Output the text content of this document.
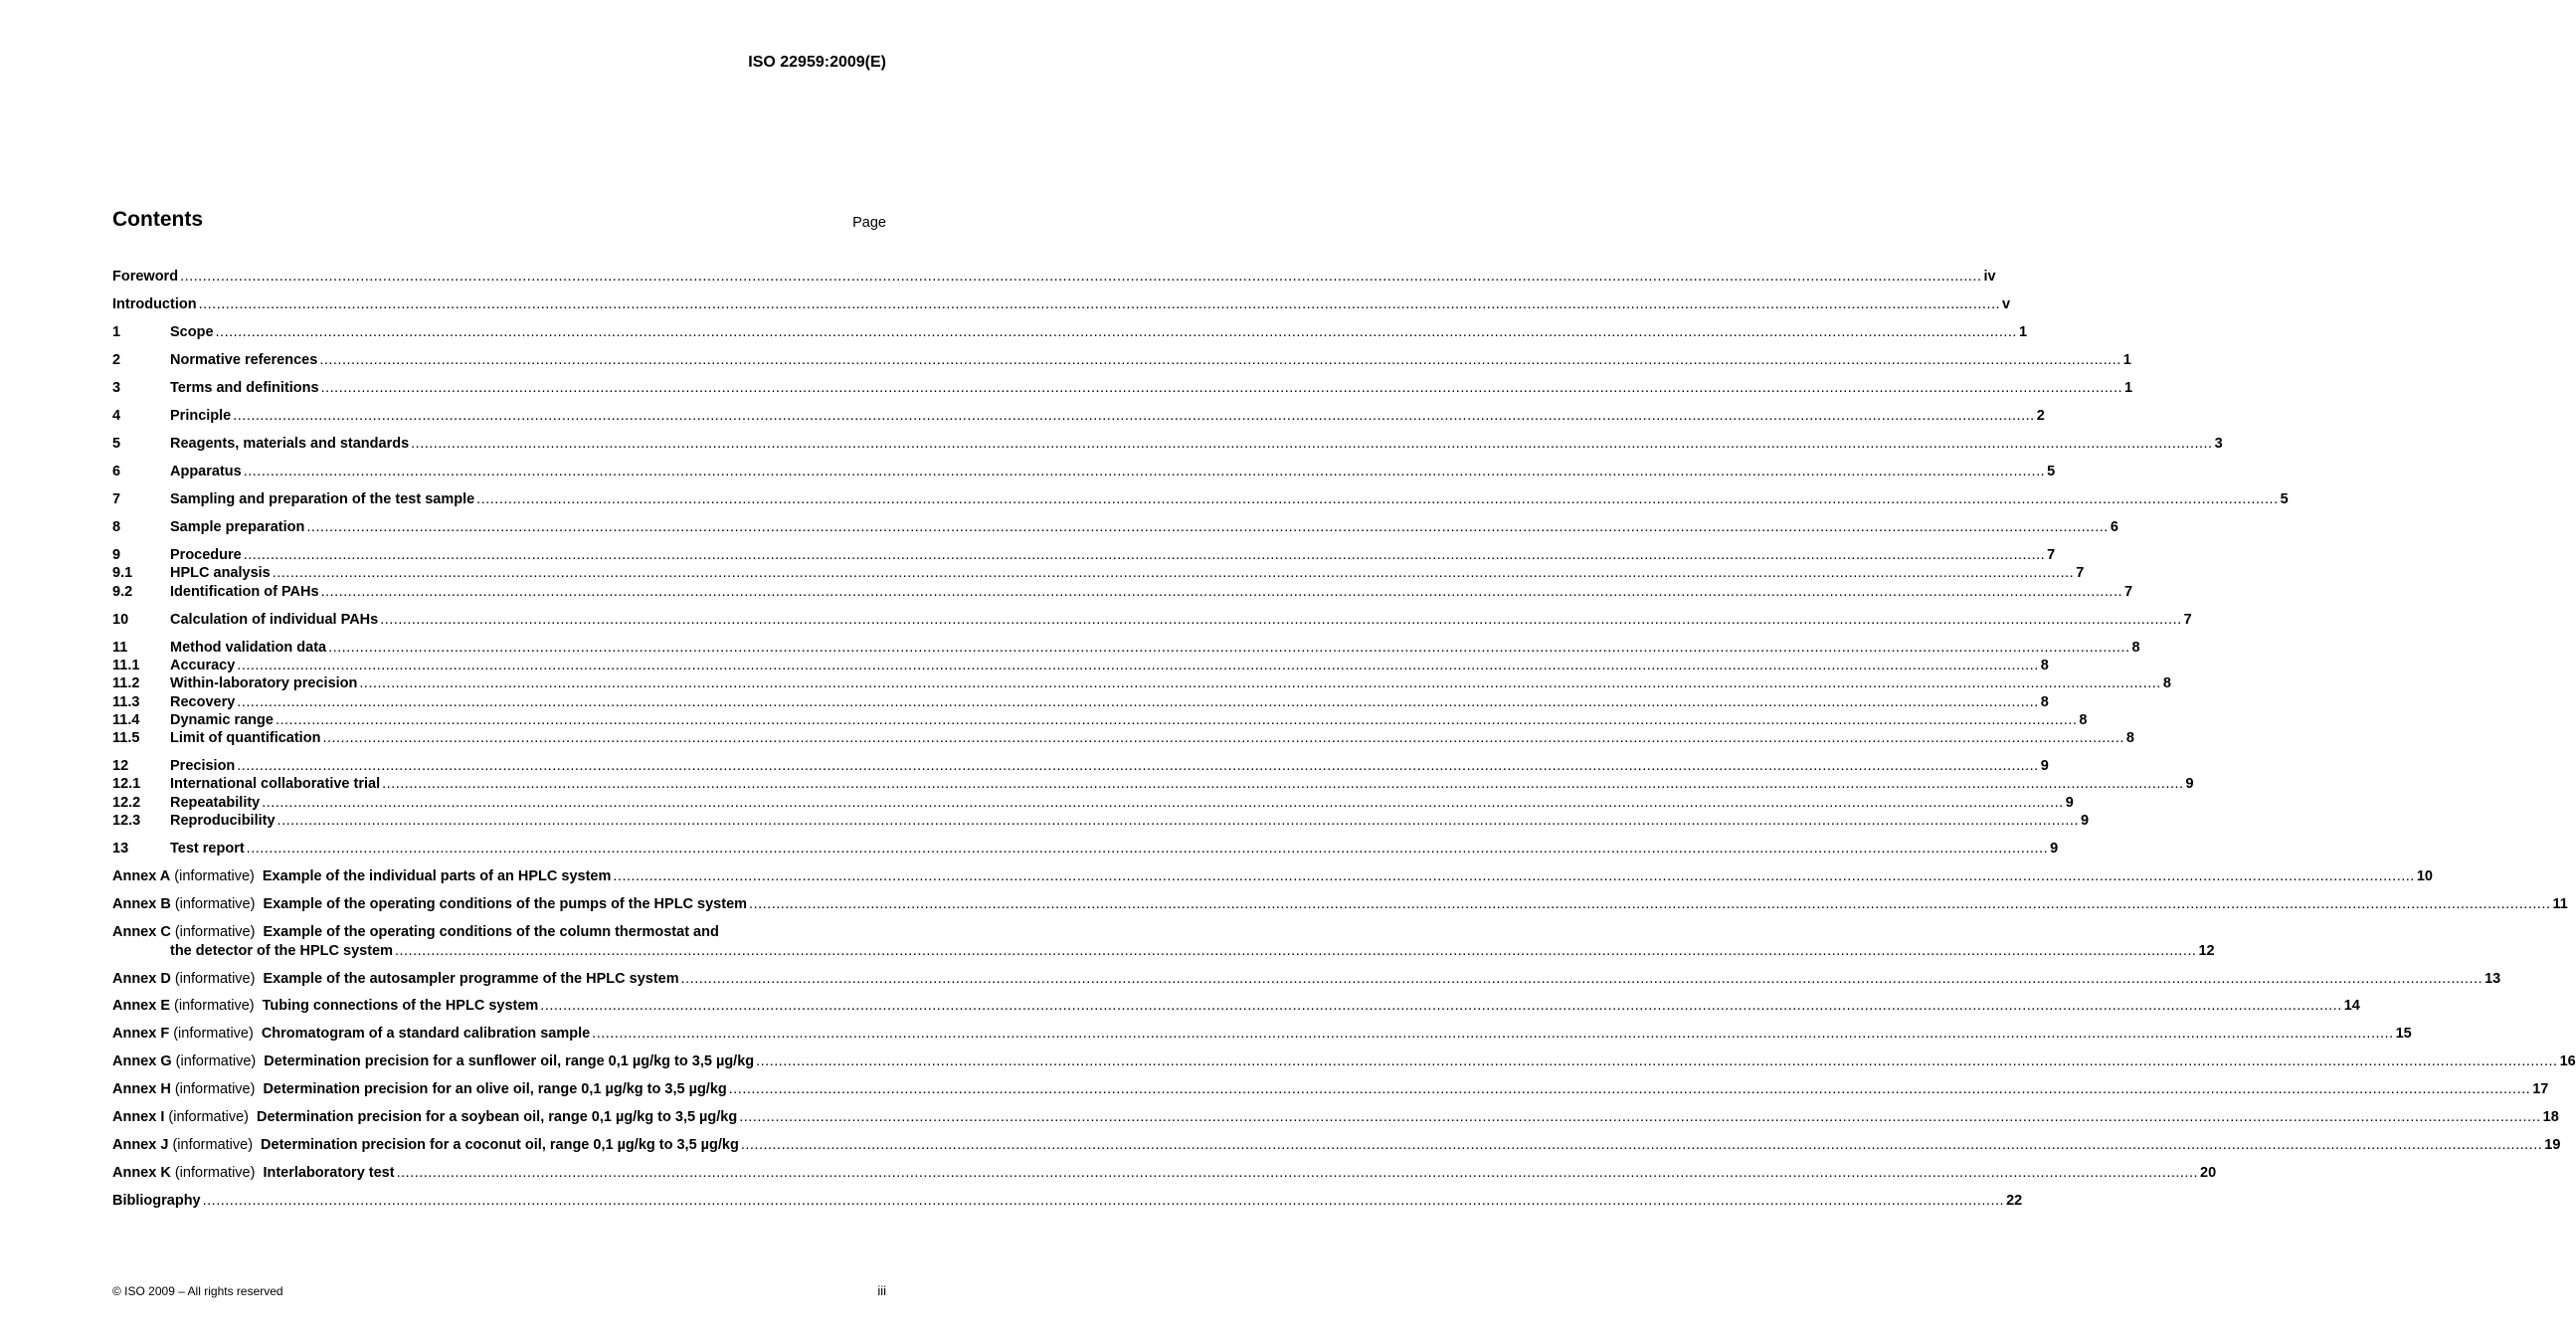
ISO 22959:2009(E)
Contents	Page
Foreword ................................................................................................................................................................................................................................................................................................................................................................................................................ iv
Introduction ................................................................................................................................................................................................................................................................................................................................................................................................................ v
1	Scope ................................................................................................................................................................................................................................................................................................................................................................................................................ 1
2	Normative references ................................................................................................................................................................................................................................................................................................................................................................................................................ 1
3	Terms and definitions ................................................................................................................................................................................................................................................................................................................................................................................................................ 1
4	Principle ................................................................................................................................................................................................................................................................................................................................................................................................................ 2
5	Reagents, materials and standards ................................................................................................................................................................................................................................................................................................................................................................................................................ 3
6	Apparatus ................................................................................................................................................................................................................................................................................................................................................................................................................ 5
7	Sampling and preparation of the test sample ................................................................................................................................................................................................................................................................................................................................................................................................................ 5
8	Sample preparation ................................................................................................................................................................................................................................................................................................................................................................................................................ 6
9	Procedure ................................................................................................................................................................................................................................................................................................................................................................................................................ 7
9.1	HPLC analysis ................................................................................................................................................................................................................................................................................................................................................................................................................ 7
9.2	Identification of PAHs ................................................................................................................................................................................................................................................................................................................................................................................................................ 7
10	Calculation of individual PAHs ................................................................................................................................................................................................................................................................................................................................................................................................................ 7
11	Method validation data ................................................................................................................................................................................................................................................................................................................................................................................................................ 8
11.1	Accuracy ................................................................................................................................................................................................................................................................................................................................................................................................................ 8
11.2	Within-laboratory precision ................................................................................................................................................................................................................................................................................................................................................................................................................ 8
11.3	Recovery ................................................................................................................................................................................................................................................................................................................................................................................................................ 8
11.4	Dynamic range ................................................................................................................................................................................................................................................................................................................................................................................................................ 8
11.5	Limit of quantification ................................................................................................................................................................................................................................................................................................................................................................................................................ 8
12	Precision ................................................................................................................................................................................................................................................................................................................................................................................................................ 9
12.1	International collaborative trial ................................................................................................................................................................................................................................................................................................................................................................................................................ 9
12.2	Repeatability ................................................................................................................................................................................................................................................................................................................................................................................................................ 9
12.3	Reproducibility ................................................................................................................................................................................................................................................................................................................................................................................................................ 9
13	Test report ................................................................................................................................................................................................................................................................................................................................................................................................................ 9
Annex A (informative) Example of the individual parts of an HPLC system ................................................................................................................................................................................................................................................................................................................................................................................................................ 10
Annex B (informative) Example of the operating conditions of the pumps of the HPLC system ................................................................................................................................................................................................................................................................................................................................................................................................................ 11
Annex C (informative) Example of the operating conditions of the column thermostat and
the detector of the HPLC system ................................................................................................................................................................................................................................................................................................................................................................................................................ 12
Annex D (informative) Example of the autosampler programme of the HPLC system ................................................................................................................................................................................................................................................................................................................................................................................................................ 13
Annex E (informative) Tubing connections of the HPLC system ................................................................................................................................................................................................................................................................................................................................................................................................................ 14
Annex F (informative) Chromatogram of a standard calibration sample ................................................................................................................................................................................................................................................................................................................................................................................................................ 15
Annex G (informative) Determination precision for a sunflower oil, range 0,1 µg/kg to 3,5 µg/kg ................................................................................................................................................................................................................................................................................................................................................................................................................ 16
Annex H (informative) Determination precision for an olive oil, range 0,1 µg/kg to 3,5 µg/kg ................................................................................................................................................................................................................................................................................................................................................................................................................ 17
Annex I (informative) Determination precision for a soybean oil, range 0,1 µg/kg to 3,5 µg/kg ................................................................................................................................................................................................................................................................................................................................................................................................................ 18
Annex J (informative) Determination precision for a coconut oil, range 0,1 µg/kg to 3,5 µg/kg ................................................................................................................................................................................................................................................................................................................................................................................................................ 19
Annex K (informative) Interlaboratory test ................................................................................................................................................................................................................................................................................................................................................................................................................ 20
Bibliography ................................................................................................................................................................................................................................................................................................................................................................................................................ 22
© ISO 2009 – All rights reserved	iii
